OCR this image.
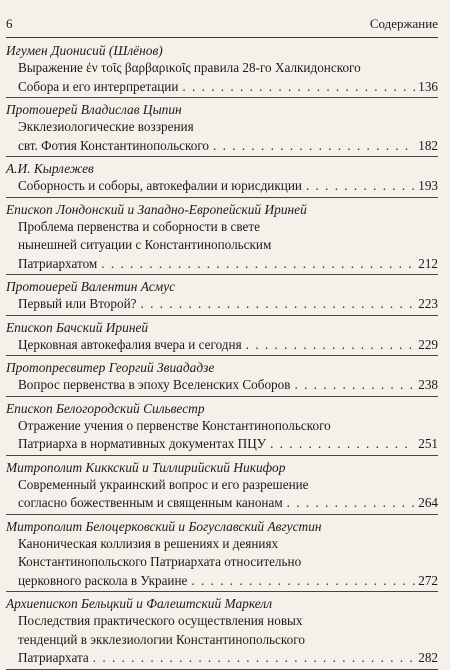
6	Содержание
Игумен Дионисий (Шлёнов)
Выражение ἐν τοῖς βαρβαρικοῖς правила 28-го Халкидонского
Собора и его интерпретации . . .	136
Протоиерей Владислав Цыпин
Экклезиологические воззрения
свт. Фотия Константинопольского . . .	182
А.И. Кырлежев
Соборность и соборы, автокефалии и юрисдикции . . .	193
Епископ Лондонский и Западно-Европейский Ириней
Проблема первенства и соборности в свете
нынешней ситуации с Константинопольским
Патриархатом . . .	212
Протоиерей Валентин Асмус
Первый или Второй? . . .	223
Епископ Бачский Ириней
Церковная автокефалия вчера и сегодня . . .	229
Протопресвитер Георгий Звиададзе
Вопрос первенства в эпоху Вселенских Соборов . . .	238
Епископ Белогородский Сильвестр
Отражение учения о первенстве Константинопольского
Патриарха в нормативных документах ПЦУ . . .	251
Митрополит Киккский и Тиллирийский Никифор
Современный украинский вопрос и его разрешение
согласно божественным и священным канонам . . .	264
Митрополит Белоцерковский и Богуславский Августин
Каноническая коллизия в решениях и деяниях
Константинопольского Патриархата относительно
церковного раскола в Украине . . .	272
Архиепископ Бельцкий и Фалештский Маркелл
Последствия практического осуществления новых
тенденций в экклезиологии Константинопольского
Патриархата . . .	282
